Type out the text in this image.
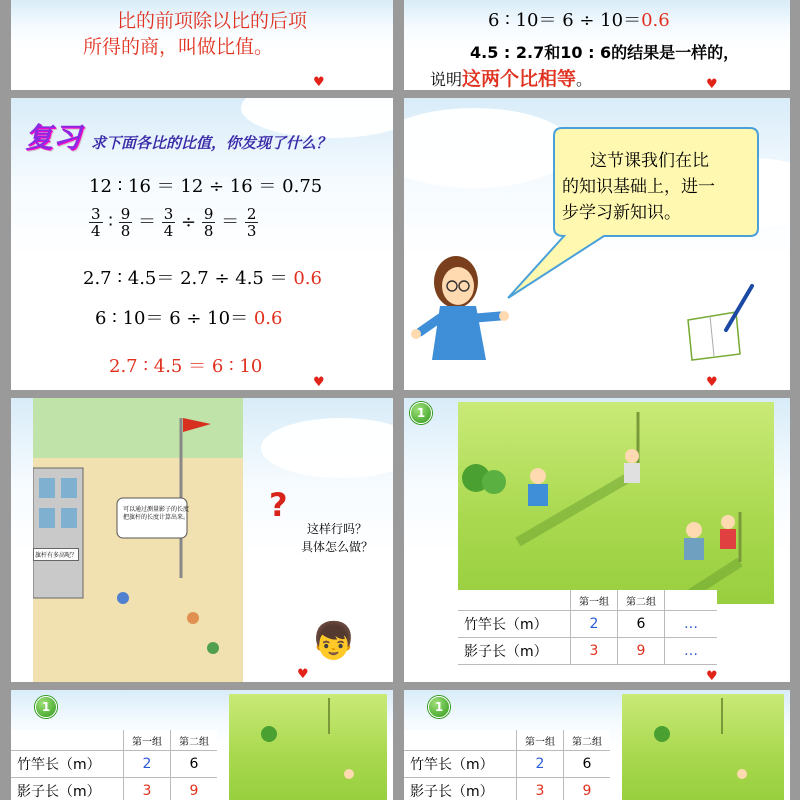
比的前项除以比的后项
所得的商，叫做比值。
♥
6 ∶ 10＝ 6 ÷ 10＝0.6
4.5 : 2.7和10 : 6的结果是一样的，
说明这两个比相等。	♥
复习 求下面各比的比值，你发现了什么？
12 ∶ 16 ＝ 12 ÷ 16 ＝ 0.75
$\frac{3}{4}$ ∶ $\frac{9}{8} = \frac{3}{4} \div \frac{9}{8} = \frac{2}{3}$
2.7 ∶ 4.5＝ 2.7 ÷ 4.5 ＝ 0.6
6 ∶ 10＝ 6 ÷ 10＝ 0.6
2.7 ∶ 4.5 ＝ 6 ∶ 10
♥
这节课我们在比
的知识基础上，进一
步学习新知识。
♥
可以通过测量影子的长度把旗杆的长度计算出来。
旗杆有多高呢？
?
这样行吗？
具体怎么做？
👦
♥
1
	第一组	第二组	
竹竿长（m）	2	6	…
影子长（m）	3	9	…
♥
1
	第一组	第二组
竹竿长（m）	2	6
影子长（m）	3	9
1
	第一组	第二组
竹竿长（m）	2	6
影子长（m）	3	9
